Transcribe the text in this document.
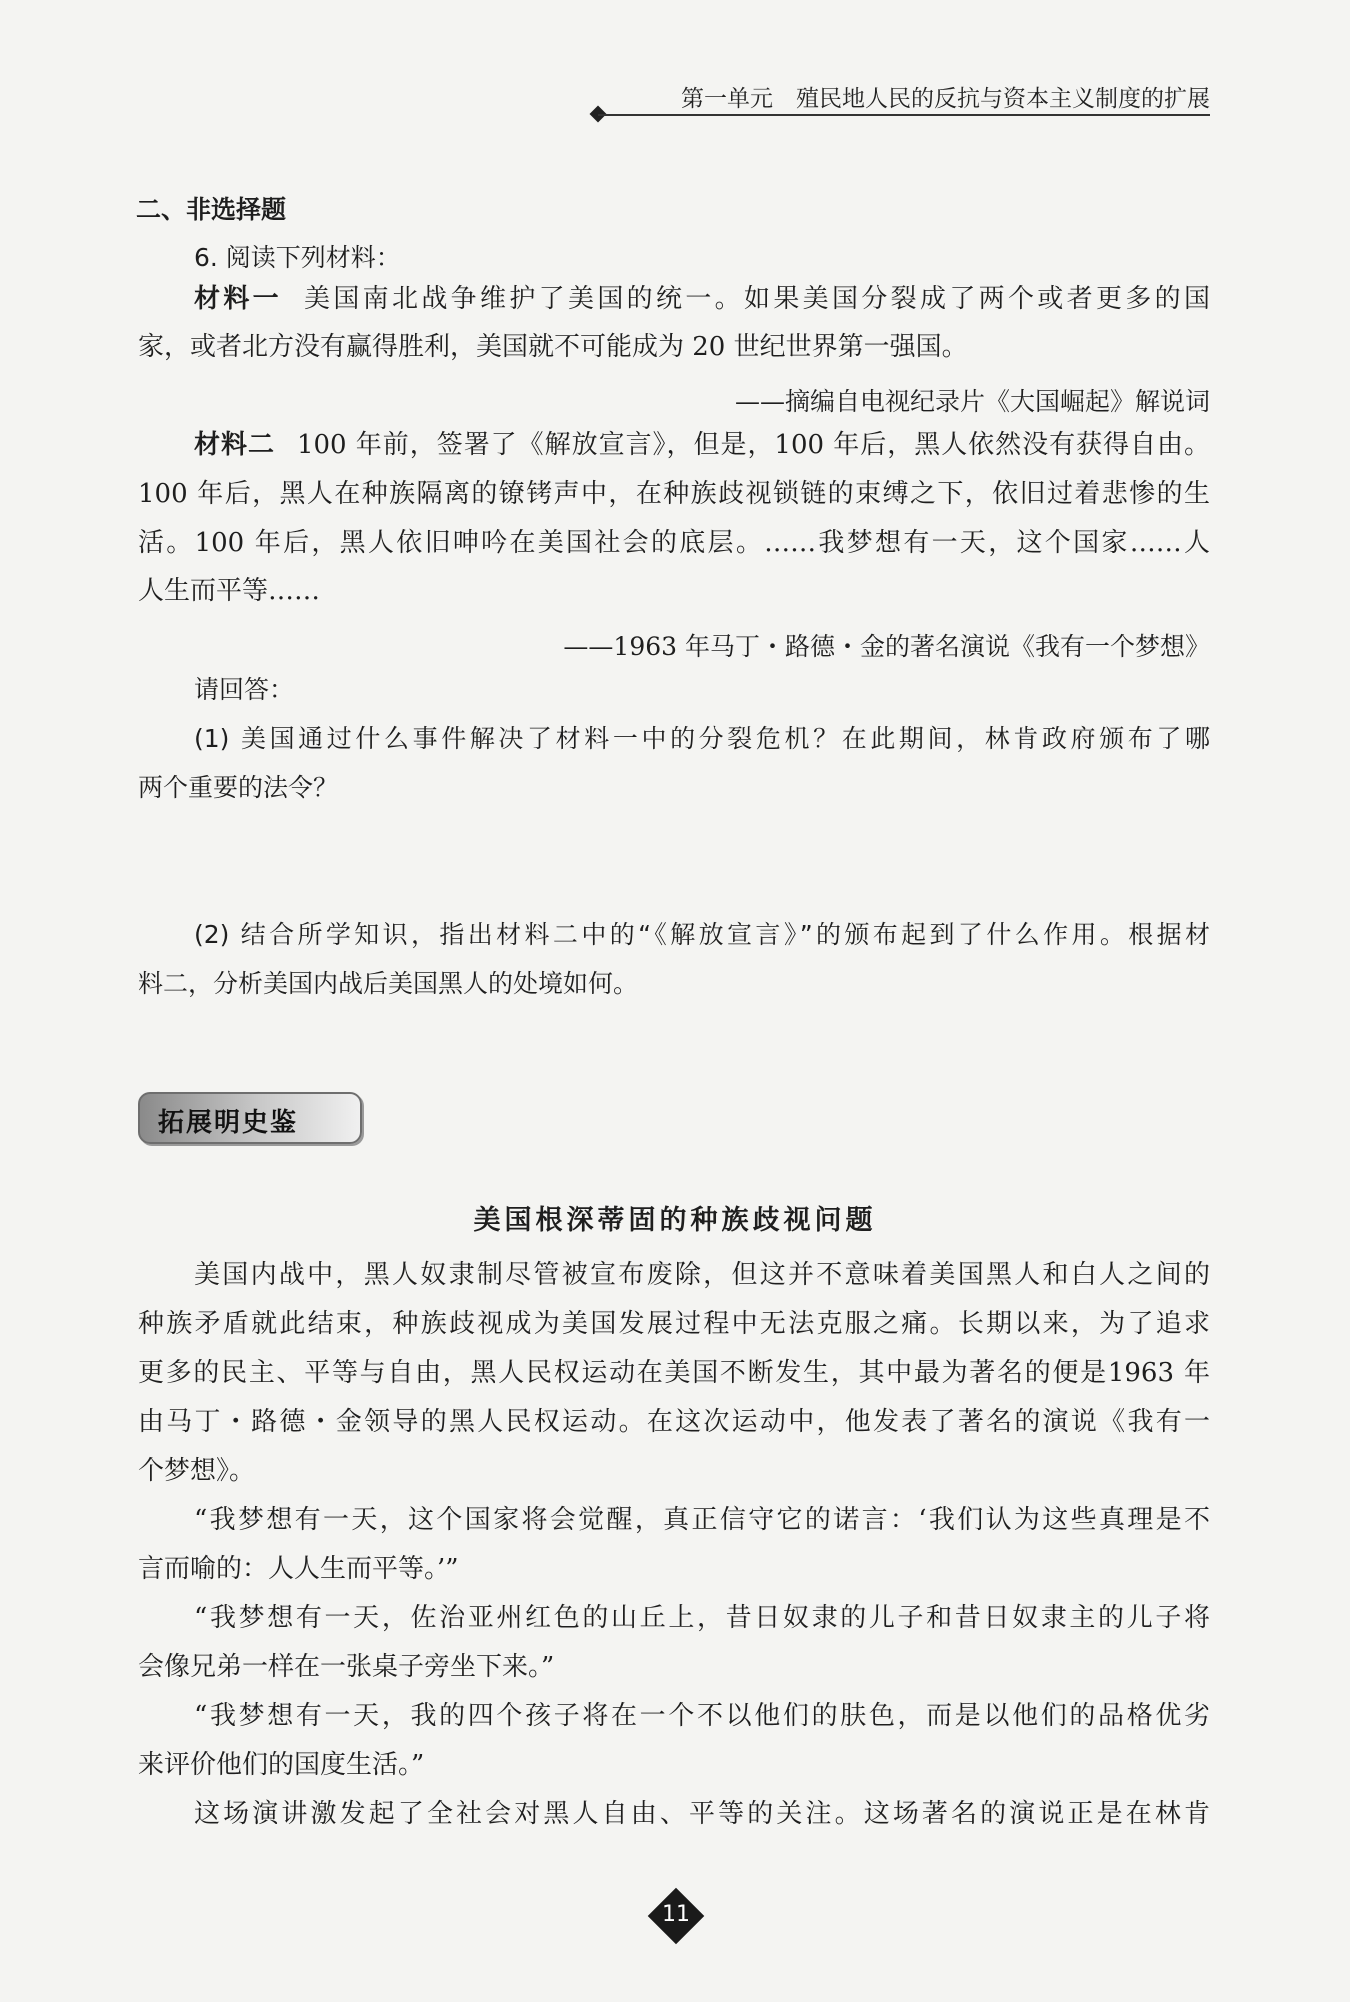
第一单元　殖民地人民的反抗与资本主义制度的扩展
二、非选择题
6. 阅读下列材料：
材料一 美国南北战争维护了美国的统一。如果美国分裂成了两个或者更多的国
家，或者北方没有赢得胜利，美国就不可能成为 20 世纪世界第一强国。
——摘编自电视纪录片《大国崛起》解说词
材料二 100 年前，签署了《解放宣言》，但是，100 年后，黑人依然没有获得自由。
100 年后，黑人在种族隔离的镣铐声中，在种族歧视锁链的束缚之下，依旧过着悲惨的生
活。100 年后，黑人依旧呻吟在美国社会的底层。……我梦想有一天，这个国家……人
人生而平等……
——1963 年马丁・路德・金的著名演说《我有一个梦想》
请回答：
(1) 美国通过什么事件解决了材料一中的分裂危机？在此期间，林肯政府颁布了哪
两个重要的法令？
(2) 结合所学知识，指出材料二中的“《解放宣言》”的颁布起到了什么作用。根据材
料二，分析美国内战后美国黑人的处境如何。
拓展明史鉴
美国根深蒂固的种族歧视问题
美国内战中，黑人奴隶制尽管被宣布废除，但这并不意味着美国黑人和白人之间的
种族矛盾就此结束，种族歧视成为美国发展过程中无法克服之痛。长期以来，为了追求
更多的民主、平等与自由，黑人民权运动在美国不断发生，其中最为著名的便是1963 年
由马丁・路德・金领导的黑人民权运动。在这次运动中，他发表了著名的演说《我有一
个梦想》。
“我梦想有一天，这个国家将会觉醒，真正信守它的诺言：‘我们认为这些真理是不
言而喻的：人人生而平等。’”
“我梦想有一天，佐治亚州红色的山丘上，昔日奴隶的儿子和昔日奴隶主的儿子将
会像兄弟一样在一张桌子旁坐下来。”
“我梦想有一天，我的四个孩子将在一个不以他们的肤色，而是以他们的品格优劣
来评价他们的国度生活。”
这场演讲激发起了全社会对黑人自由、平等的关注。这场著名的演说正是在林肯
11
